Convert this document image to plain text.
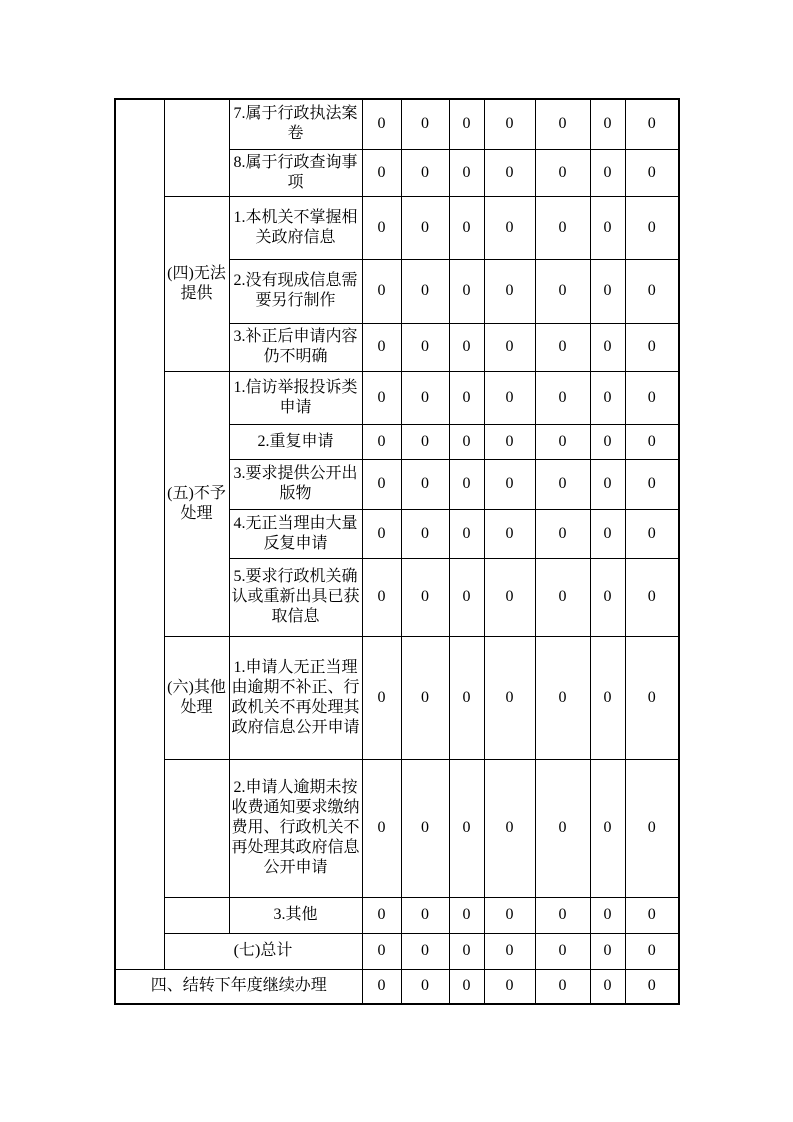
		7.属于行政执法案卷	0	0	0	0	0	0	0
		8.属于行政查询事项	0	0	0	0	0	0	0
	(四)无法提供	1.本机关不掌握相关政府信息	0	0	0	0	0	0	0
		2.没有现成信息需要另行制作	0	0	0	0	0	0	0
		3.补正后申请内容仍不明确	0	0	0	0	0	0	0
	(五)不予处理	1.信访举报投诉类申请	0	0	0	0	0	0	0
		2.重复申请	0	0	0	0	0	0	0
		3.要求提供公开出版物	0	0	0	0	0	0	0
		4.无正当理由大量反复申请	0	0	0	0	0	0	0
		5.要求行政机关确认或重新出具已获取信息	0	0	0	0	0	0	0
	(六)其他处理	1.申请人无正当理由逾期不补正、行政机关不再处理其政府信息公开申请	0	0	0	0	0	0	0
		2.申请人逾期未按收费通知要求缴纳费用、行政机关不再处理其政府信息公开申请	0	0	0	0	0	0	0
		3.其他	0	0	0	0	0	0	0
	(七)总计		0	0	0	0	0	0	0
四、结转下年度继续办理			0	0	0	0	0	0	0
